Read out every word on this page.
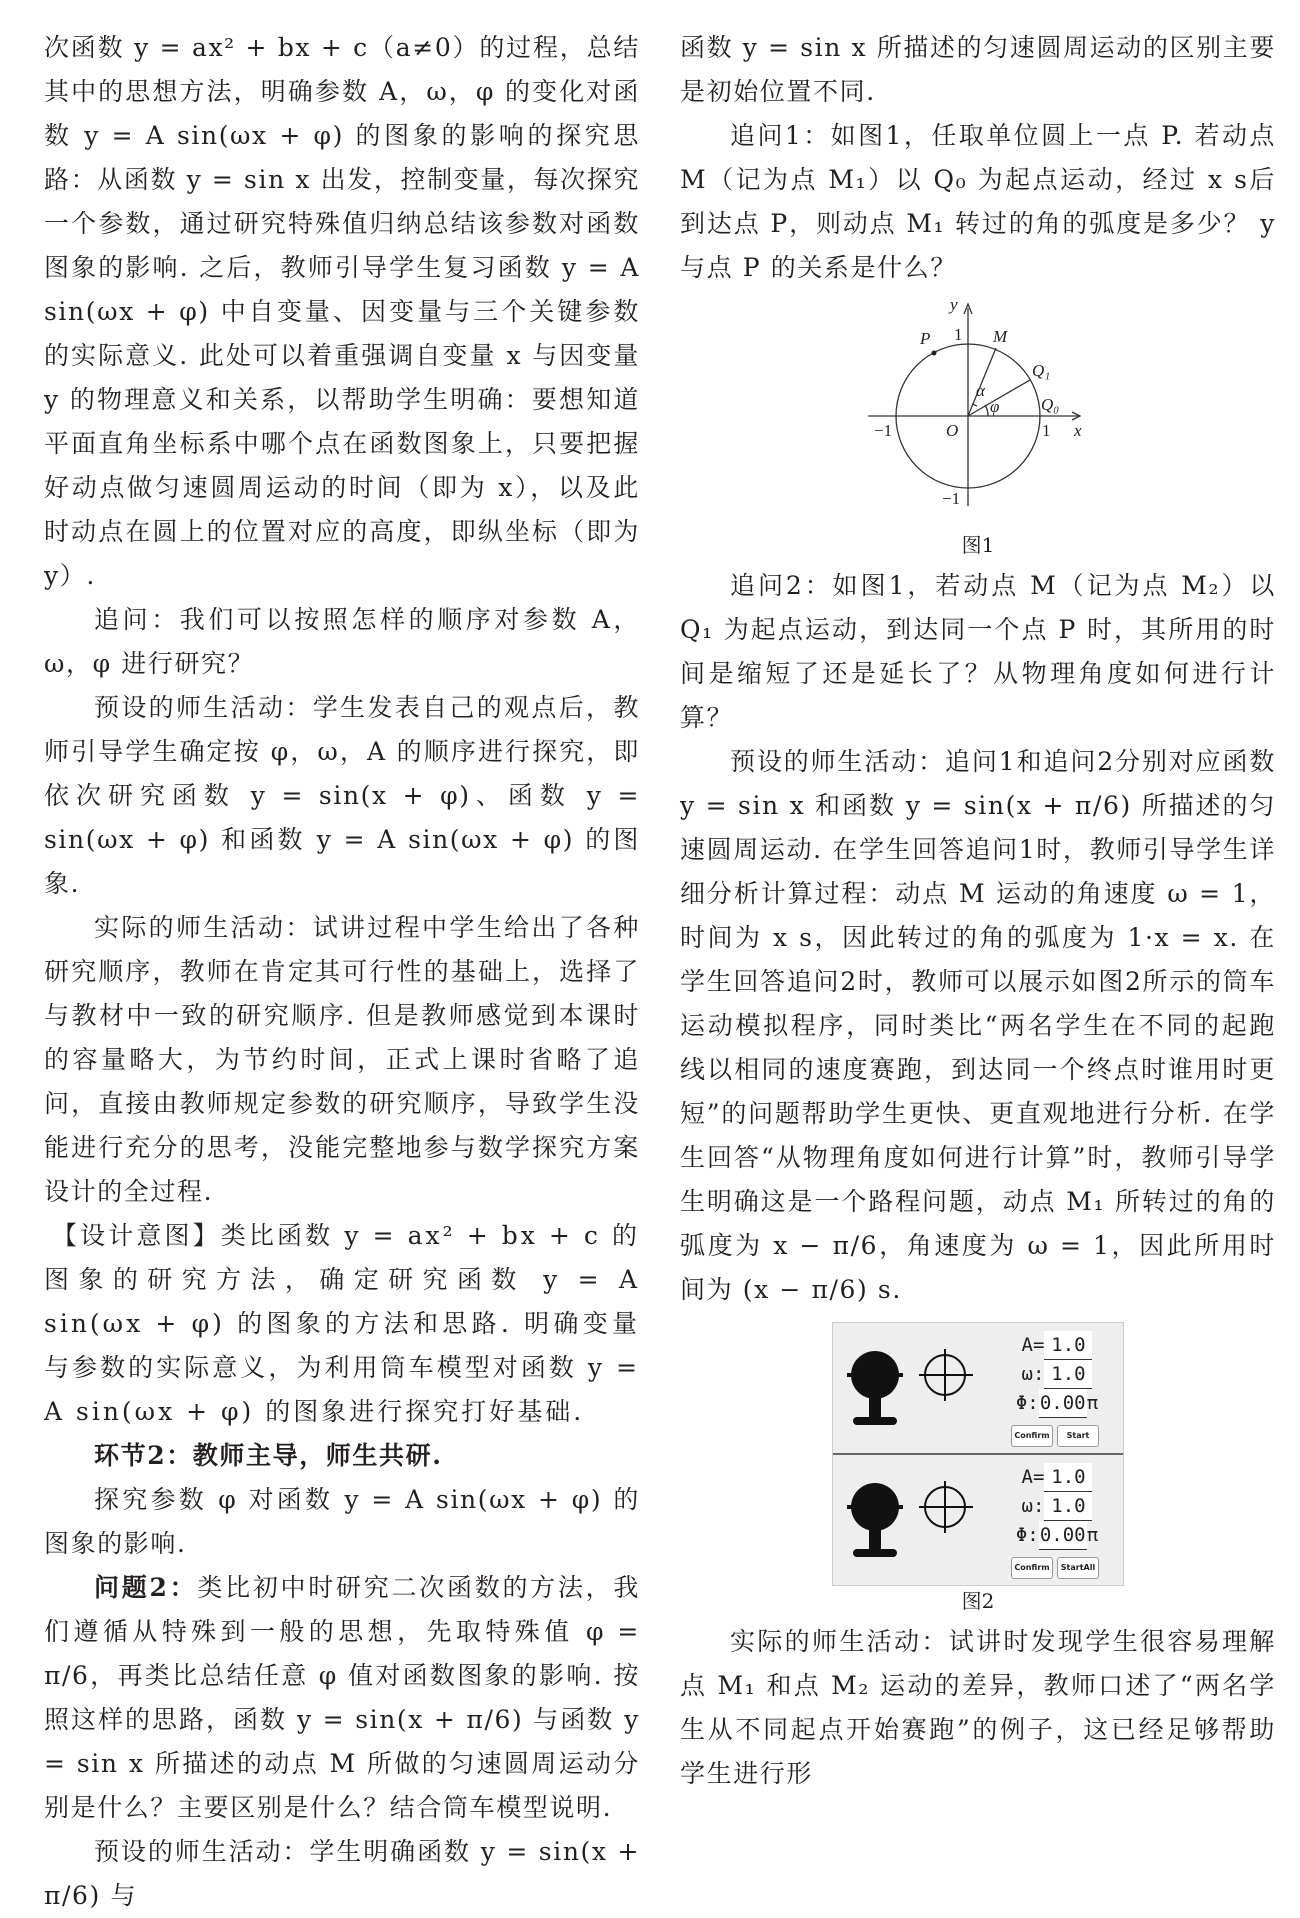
次函数 y = ax² + bx + c（a≠0）的过程，总结其中的思想方法，明确参数 A，ω，φ 的变化对函数 y = A sin(ωx + φ) 的图象的影响的探究思路：从函数 y = sin x 出发，控制变量，每次探究一个参数，通过研究特殊值归纳总结该参数对函数图象的影响. 之后，教师引导学生复习函数 y = A sin(ωx + φ) 中自变量、因变量与三个关键参数的实际意义. 此处可以着重强调自变量 x 与因变量 y 的物理意义和关系，以帮助学生明确：要想知道平面直角坐标系中哪个点在函数图象上，只要把握好动点做匀速圆周运动的时间（即为 x），以及此时动点在圆上的位置对应的高度，即纵坐标（即为 y）.

追问：我们可以按照怎样的顺序对参数 A，ω，φ 进行研究？

预设的师生活动：学生发表自己的观点后，教师引导学生确定按 φ，ω，A 的顺序进行探究，即依次研究函数 y = sin(x + φ)、函数 y = sin(ωx + φ) 和函数 y = A sin(ωx + φ) 的图象.

实际的师生活动：试讲过程中学生给出了各种研究顺序，教师在肯定其可行性的基础上，选择了与教材中一致的研究顺序. 但是教师感觉到本课时的容量略大，为节约时间，正式上课时省略了追问，直接由教师规定参数的研究顺序，导致学生没能进行充分的思考，没能完整地参与数学探究方案设计的全过程.

【设计意图】类比函数 y = ax² + bx + c 的图象的研究方法，确定研究函数 y = A sin(ωx + φ) 的图象的方法和思路. 明确变量与参数的实际意义，为利用筒车模型对函数 y = A sin(ωx + φ) 的图象进行探究打好基础.

环节2：教师主导，师生共研.

探究参数 φ 对函数 y = A sin(ωx + φ) 的图象的影响.

问题2：类比初中时研究二次函数的方法，我们遵循从特殊到一般的思想，先取特殊值 φ = π/6，再类比总结任意 φ 值对函数图象的影响. 按照这样的思路，函数 y = sin(x + π/6) 与函数 y = sin x 所描述的动点 M 所做的匀速圆周运动分别是什么？主要区别是什么？结合筒车模型说明.

预设的师生活动：学生明确函数 y = sin(x + π/6) 与

函数 y = sin x 所描述的匀速圆周运动的区别主要是初始位置不同.

追问1：如图1，任取单位圆上一点 P. 若动点 M（记为点 M₁）以 Q₀ 为起点运动，经过 x s后到达点 P，则动点 M₁ 转过的角的弧度是多少？ y 与点 P 的关系是什么？

y
x
P	M
Q₁
Q₀
O
α
φ
1
1
−1
−1
图1

追问2：如图1，若动点 M（记为点 M₂）以 Q₁ 为起点运动，到达同一个点 P 时，其所用的时间是缩短了还是延长了？从物理角度如何进行计算？

预设的师生活动：追问1和追问2分别对应函数 y = sin x 和函数 y = sin(x + π/6) 所描述的匀速圆周运动. 在学生回答追问1时，教师引导学生详细分析计算过程：动点 M 运动的角速度 ω = 1，时间为 x s，因此转过的角的弧度为 1·x = x. 在学生回答追问2时，教师可以展示如图2所示的筒车运动模拟程序，同时类比“两名学生在不同的起跑线以相同的速度赛跑，到达同一个终点时谁用时更短”的问题帮助学生更快、更直观地进行分析. 在学生回答“从物理角度如何进行计算”时，教师引导学生明确这是一个路程问题，动点 M₁ 所转过的角的弧度为 x − π/6，角速度为 ω = 1，因此所用时间为 (x − π/6) s.

A= 1.0
ω: 1.0
Φ:0.00π
Confirm Start
A= 1.0
ω: 1.0
Φ:0.00π
Confirm StartAll
图2

实际的师生活动：试讲时发现学生很容易理解点 M₁ 和点 M₂ 运动的差异，教师口述了“两名学生从不同起点开始赛跑”的例子，这已经足够帮助学生进行形
